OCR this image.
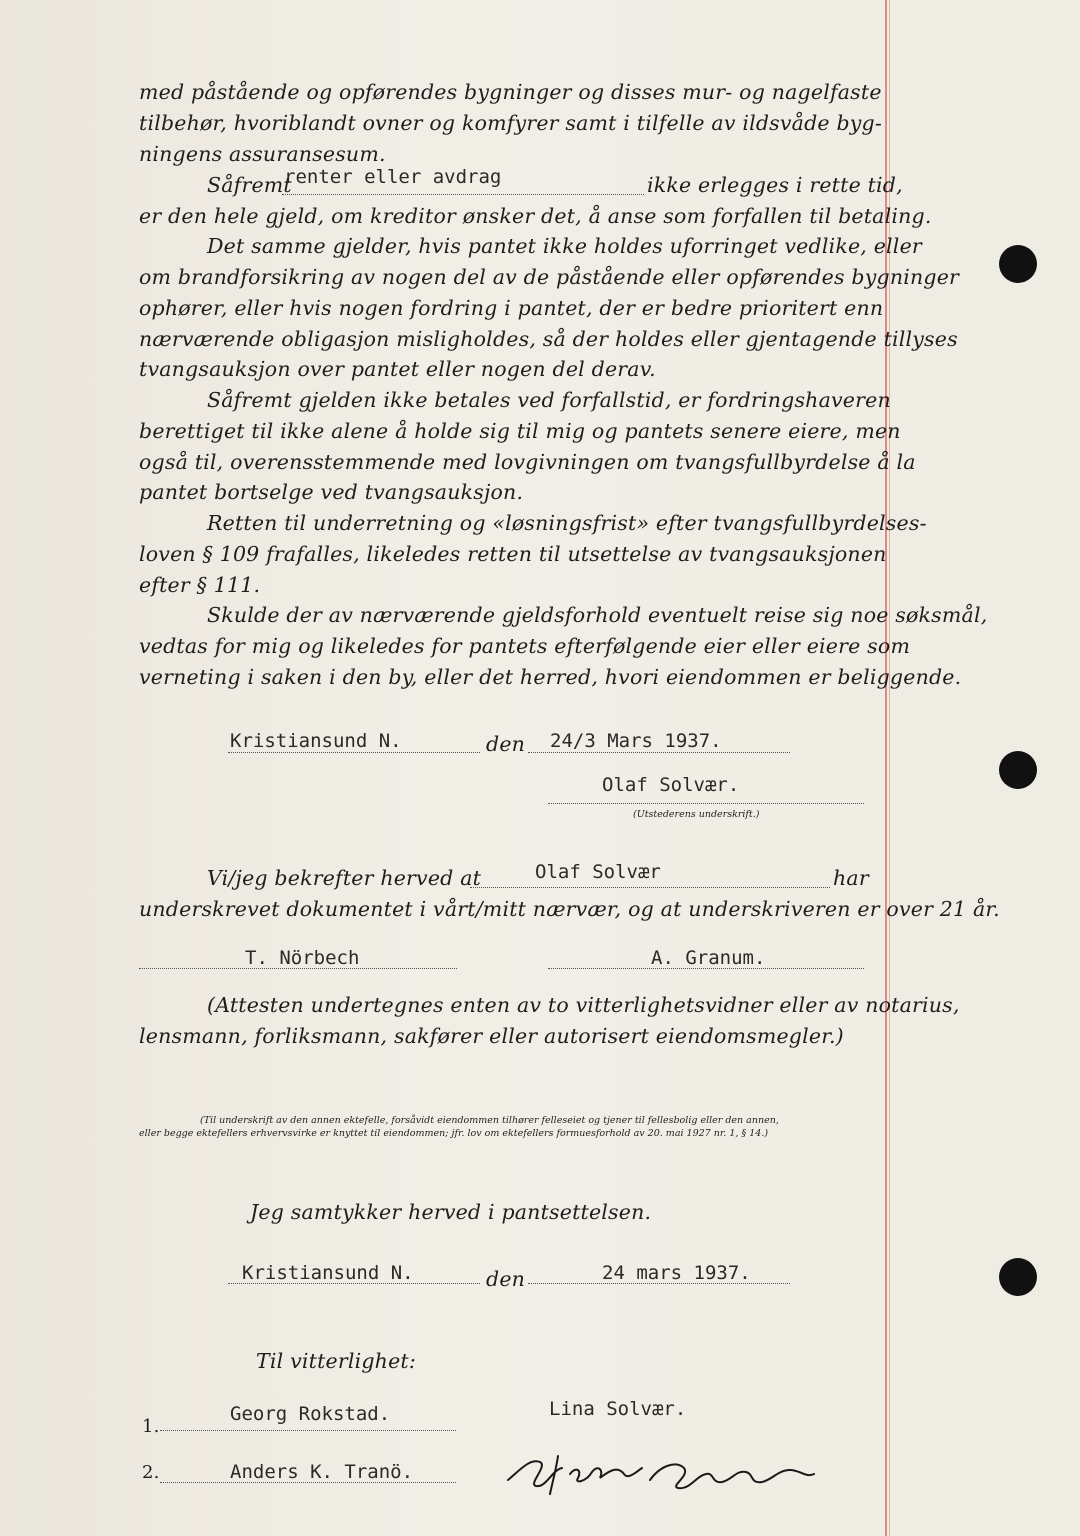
med påstående og opførendes bygninger og disses mur- og nagelfaste
tilbehør, hvoriblandt ovner og komfyrer samt i tilfelle av ildsvåde byg-
ningens assuransesum.
Såfremt
renter eller avdrag	ikke erlegges i rette tid,
er den hele gjeld, om kreditor ønsker det, å anse som forfallen til betaling.
Det samme gjelder, hvis pantet ikke holdes uforringet vedlike, eller
om brandforsikring av nogen del av de påstående eller opførendes bygninger
ophører, eller hvis nogen fordring i pantet, der er bedre prioritert enn
nærværende obligasjon misligholdes, så der holdes eller gjentagende tillyses
tvangsauksjon over pantet eller nogen del derav.
Såfremt gjelden ikke betales ved forfallstid, er fordringshaveren
berettiget til ikke alene å holde sig til mig og pantets senere eiere, men
også til, overensstemmende med lovgivningen om tvangsfullbyrdelse å la
pantet bortselge ved tvangsauksjon.
Retten til underretning og «løsningsfrist» efter tvangsfullbyrdelses-
loven § 109 frafalles, likeledes retten til utsettelse av tvangsauksjonen
efter § 111.
Skulde der av nærværende gjeldsforhold eventuelt reise sig noe søksmål,
vedtas for mig og likeledes for pantets efterfølgende eier eller eiere som
verneting i saken i den by, eller det herred, hvori eiendommen er beliggende.
Kristiansund N.	den 24/3 Mars 1937.
Olaf Solvær.
(Utstederens underskrift.)
Vi/jeg bekrefter herved at	Olaf Solvær	har
underskrevet dokumentet i vårt/mitt nærvær, og at underskriveren er over 21 år.
T. Nörbech	A. Granum.
(Attesten undertegnes enten av to vitterlighetsvidner eller av notarius,
lensmann, forliksmann, sakfører eller autorisert eiendomsmegler.)
(Til underskrift av den annen ektefelle, forsåvidt eiendommen tilhører felleseiet og tjener til fellesbolig eller den annen,
eller begge ektefellers erhvervsvirke er knyttet til eiendommen; jfr. lov om ektefellers formuesforhold av 20. mai 1927 nr. 1, § 14.)
Jeg samtykker herved i pantsettelsen.
Kristiansund N.	den	24 mars 1937.
Til vitterlighet:
1.
Georg Rokstad.	Lina Solvær.
2.	Anders K. Tranö.
